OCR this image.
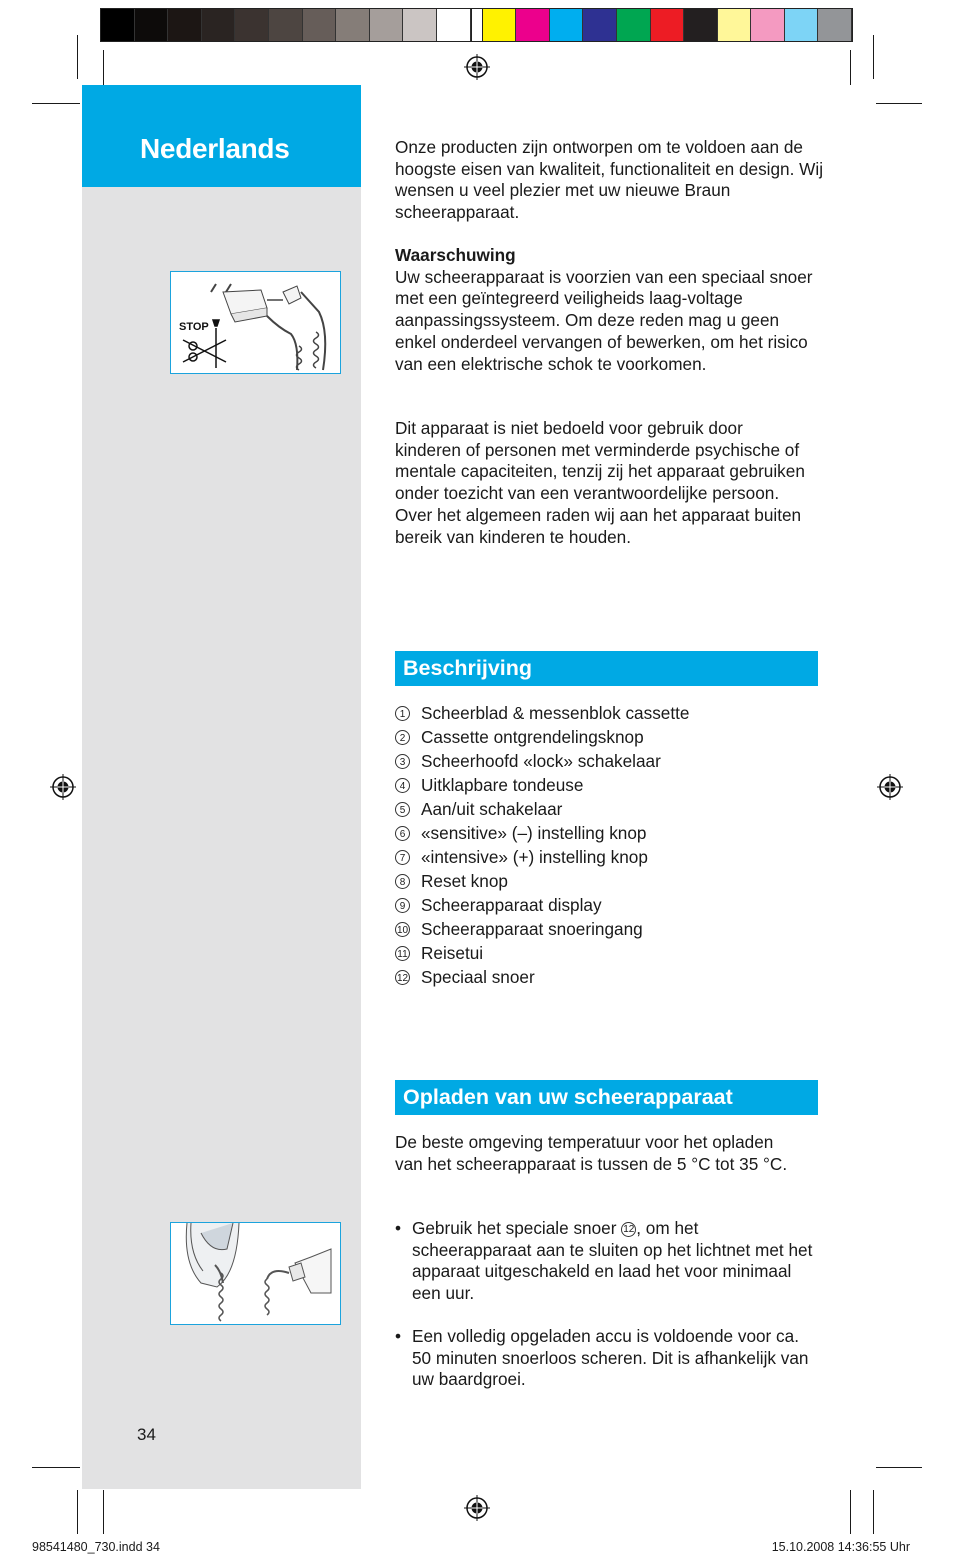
Nederlands
STOP

Onze producten zijn ontworpen om te voldoen aan de hoogste eisen van kwaliteit, functionaliteit en design. Wij wensen u veel plezier met uw nieuwe Braun scheerapparaat.

Waarschuwing

Uw scheerapparaat is voorzien van een speciaal snoer met een geïntegreerd veiligheids laag-voltage aanpassingssysteem. Om deze reden mag u geen enkel onderdeel vervangen of bewerken, om het risico van een elektrische schok te voorkomen.

Dit apparaat is niet bedoeld voor gebruik door kinderen of personen met verminderde psychische of mentale capaciteiten, tenzij zij het apparaat gebruiken onder toezicht van een verantwoordelijke persoon. Over het algemeen raden wij aan het apparaat buiten bereik van kinderen te houden.

Beschrijving
1 Scheerblad & messenblok cassette
2 Cassette ontgrendelingsknop
3 Scheerhoofd «lock» schakelaar
4 Uitklapbare tondeuse
5 Aan/uit schakelaar
6 «sensitive» (–) instelling knop
7 «intensive» (+) instelling knop
8 Reset knop
9 Scheerapparaat display
10 Scheerapparaat snoeringang
11 Reisetui
12 Speciaal snoer
Opladen van uw scheerapparaat

De beste omgeving temperatuur voor het opladen van het scheerapparaat is tussen de 5 °C tot 35 °C.

• Gebruik het speciale snoer 12 , om het scheerapparaat aan te sluiten op het lichtnet met het apparaat uitgeschakeld en laad het voor minimaal een uur.
• Een volledig opgeladen accu is voldoende voor ca. 50 minuten snoerloos scheren. Dit is afhankelijk van uw baardgroei.
34
98541480_730.indd 34	15.10.2008 14:36:55 Uhr
